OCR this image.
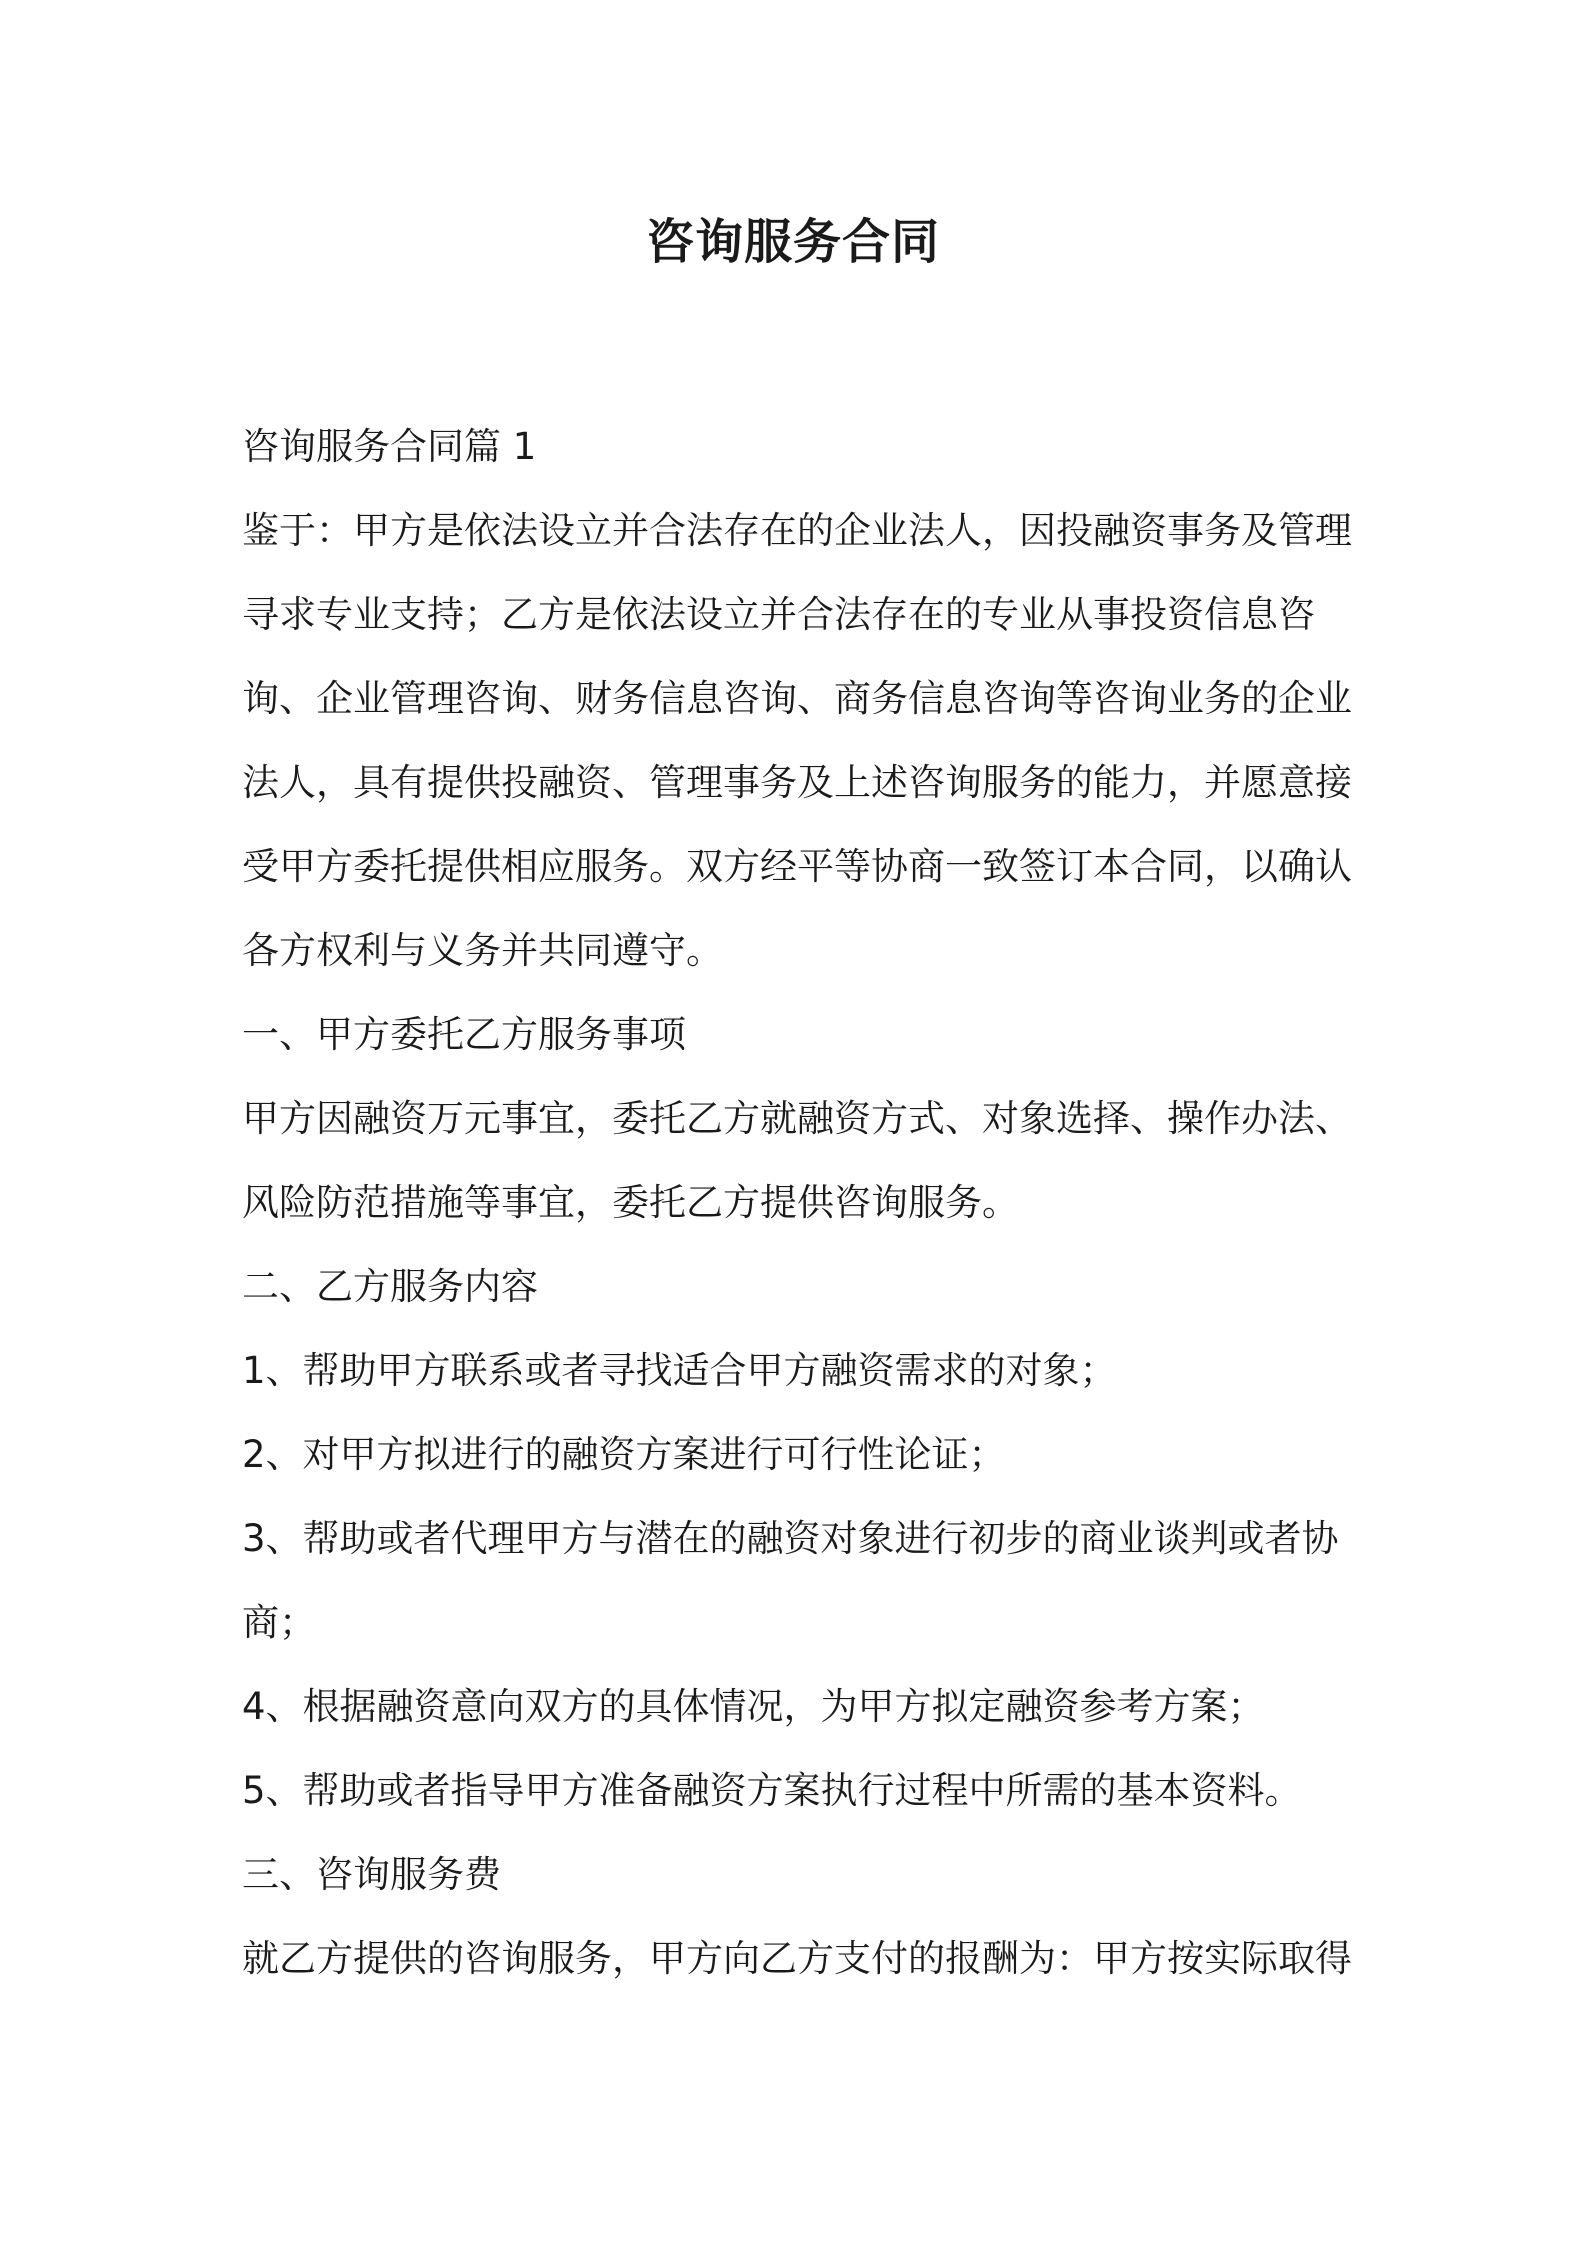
咨询服务合同

咨询服务合同篇 1

鉴于：甲方是依法设立并合法存在的企业法人，因投融资事务及管理寻求专业支持；乙方是依法设立并合法存在的专业从事投资信息咨询、企业管理咨询、财务信息咨询、商务信息咨询等咨询业务的企业法人，具有提供投融资、管理事务及上述咨询服务的能力，并愿意接受甲方委托提供相应服务。双方经平等协商一致签订本合同，以确认各方权利与义务并共同遵守。

一、甲方委托乙方服务事项

甲方因融资万元事宜，委托乙方就融资方式、对象选择、操作办法、风险防范措施等事宜，委托乙方提供咨询服务。

二、乙方服务内容

1、帮助甲方联系或者寻找适合甲方融资需求的对象；

2、对甲方拟进行的融资方案进行可行性论证；

3、帮助或者代理甲方与潜在的融资对象进行初步的商业谈判或者协商；

4、根据融资意向双方的具体情况，为甲方拟定融资参考方案；

5、帮助或者指导甲方准备融资方案执行过程中所需的基本资料。

三、咨询服务费

就乙方提供的咨询服务，甲方向乙方支付的报酬为：甲方按实际取得
